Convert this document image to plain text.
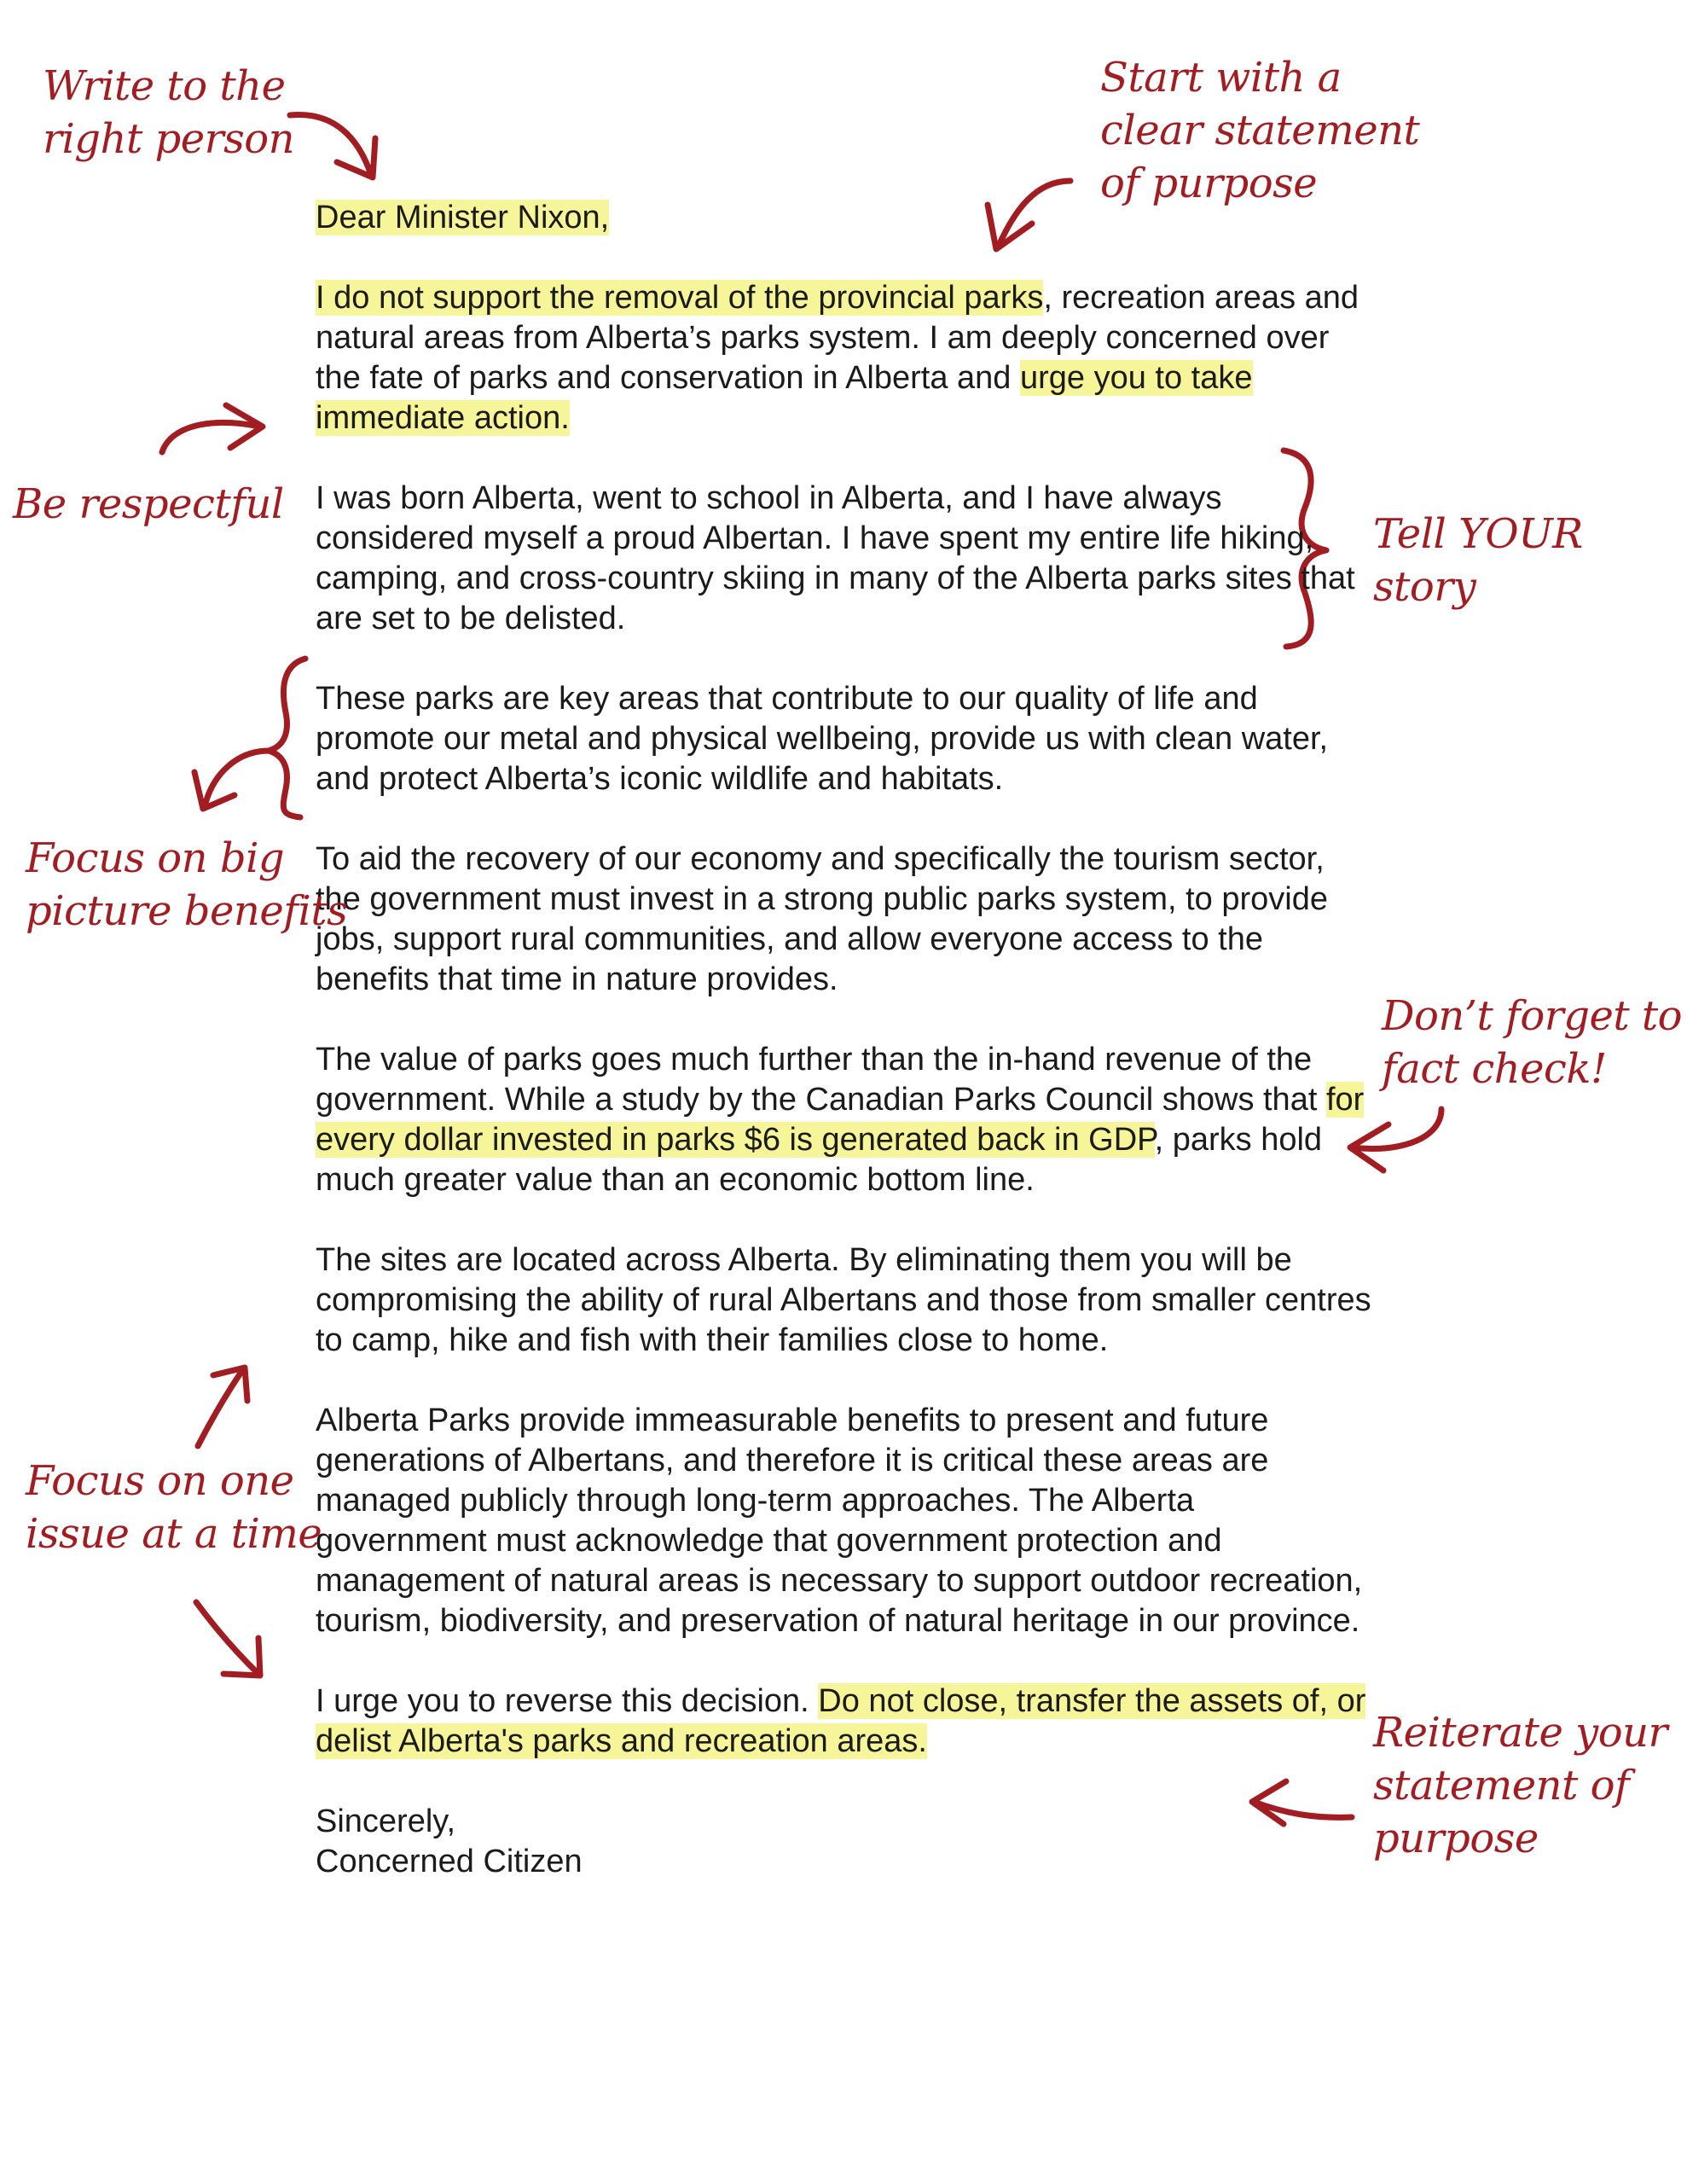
Dear Minister Nixon,

I do not support the removal of the provincial parks, recreation areas and natural areas from Alberta’s parks system. I am deeply concerned over the fate of parks and conservation in Alberta and urge you to take immediate action.

I was born Alberta, went to school in Alberta, and I have always considered myself a proud Albertan. I have spent my entire life hiking, camping, and cross-country skiing in many of the Alberta parks sites that are set to be delisted.

These parks are key areas that contribute to our quality of life and promote our metal and physical wellbeing, provide us with clean water, and protect Alberta’s iconic wildlife and habitats.

To aid the recovery of our economy and specifically the tourism sector, the government must invest in a strong public parks system, to provide jobs, support rural communities, and allow everyone access to the benefits that time in nature provides.

The value of parks goes much further than the in-hand revenue of the government. While a study by the Canadian Parks Council shows that for every dollar invested in parks $6 is generated back in GDP, parks hold much greater value than an economic bottom line.

The sites are located across Alberta. By eliminating them you will be compromising the ability of rural Albertans and those from smaller centres to camp, hike and fish with their families close to home.

Alberta Parks provide immeasurable benefits to present and future generations of Albertans, and therefore it is critical these areas are managed publicly through long-term approaches. The Alberta government must acknowledge that government protection and management of natural areas is necessary to support outdoor recreation, tourism, biodiversity, and preservation of natural heritage in our province.

I urge you to reverse this decision. Do not close, transfer the assets of, or delist Alberta's parks and recreation areas.

Sincerely,

Concerned Citizen

Write to the
right person
Start with a
clear statement
of purpose
Be respectful
Tell YOUR
story
Focus on big
picture benefits
Don’t forget to
fact check!
Focus on one
issue at a time
Reiterate your
statement of
purpose
